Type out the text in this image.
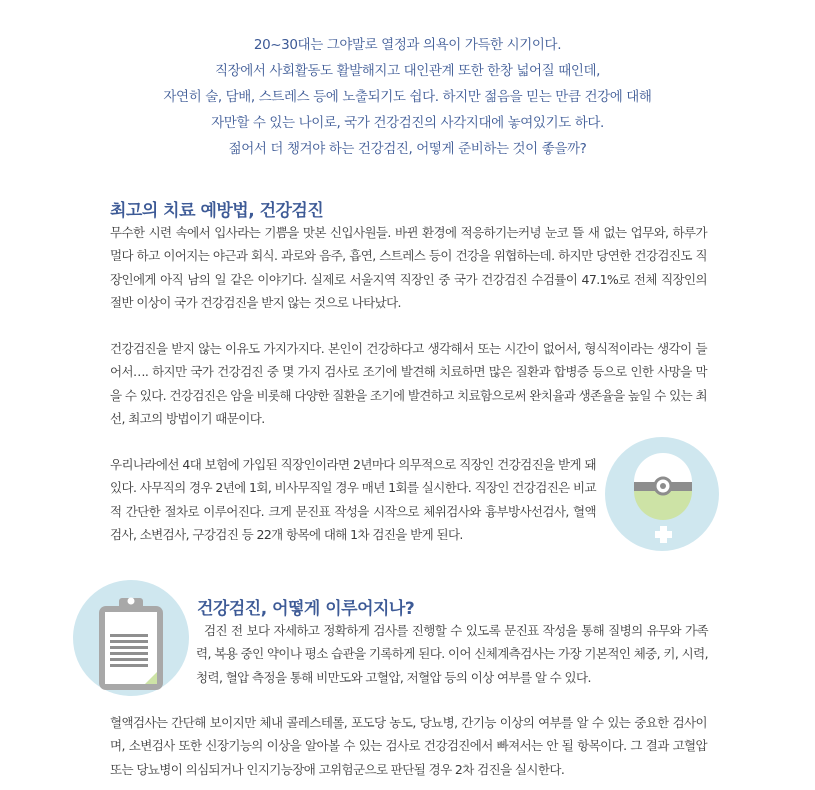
20~30대는 그야말로 열정과 의욕이 가득한 시기이다.

직장에서 사회활동도 활발해지고 대인관계 또한 한창 넓어질 때인데,

자연히 술, 담배, 스트레스 등에 노출되기도 쉽다. 하지만 젊음을 믿는 만큼 건강에 대해

자만할 수 있는 나이로, 국가 건강검진의 사각지대에 놓여있기도 하다.

젊어서 더 챙겨야 하는 건강검진, 어떻게 준비하는 것이 좋을까?

최고의 치료 예방법, 건강검진

무수한 시련 속에서 입사라는 기쁨을 맛본 신입사원들. 바뀐 환경에 적응하기는커녕 눈코 뜰 새 없는 업무와, 하루가 멀다 하고 이어지는 야근과 회식. 과로와 음주, 흡연, 스트레스 등이 건강을 위협하는데. 하지만 당연한 건강검진도 직장인에게 아직 남의 일 같은 이야기다. 실제로 서울지역 직장인 중 국가 건강검진 수검률이 47.1%로 전체 직장인의 절반 이상이 국가 건강검진을 받지 않는 것으로 나타났다.

건강검진을 받지 않는 이유도 가지가지다. 본인이 건강하다고 생각해서 또는 시간이 없어서, 형식적이라는 생각이 들어서…. 하지만 국가 건강검진 중 몇 가지 검사로 조기에 발견해 치료하면 많은 질환과 합병증 등으로 인한 사망을 막을 수 있다. 건강검진은 암을 비롯해 다양한 질환을 조기에 발견하고 치료함으로써 완치율과 생존율을 높일 수 있는 최선, 최고의 방법이기 때문이다.

우리나라에선 4대 보험에 가입된 직장인이라면 2년마다 의무적으로 직장인 건강검진을 받게 돼 있다. 사무직의 경우 2년에 1회, 비사무직일 경우 매년 1회를 실시한다. 직장인 건강검진은 비교적 간단한 절차로 이루어진다. 크게 문진표 작성을 시작으로 체위검사와 흉부방사선검사, 혈액검사, 소변검사, 구강검진 등 22개 항목에 대해 1차 검진을 받게 된다.

건강검진, 어떻게 이루어지나?

검진 전 보다 자세하고 정확하게 검사를 진행할 수 있도록 문진표 작성을 통해 질병의 유무와 가족력, 복용 중인 약이나 평소 습관을 기록하게 된다. 이어 신체계측검사는 가장 기본적인 체중, 키, 시력, 청력, 혈압 측정을 통해 비만도와 고혈압, 저혈압 등의 이상 여부를 알 수 있다.

혈액검사는 간단해 보이지만 체내 콜레스테롤, 포도당 농도, 당뇨병, 간기능 이상의 여부를 알 수 있는 중요한 검사이며, 소변검사 또한 신장기능의 이상을 알아볼 수 있는 검사로 건강검진에서 빠져서는 안 될 항목이다. 그 결과 고혈압 또는 당뇨병이 의심되거나 인지기능장애 고위험군으로 판단될 경우 2차 검진을 실시한다.
